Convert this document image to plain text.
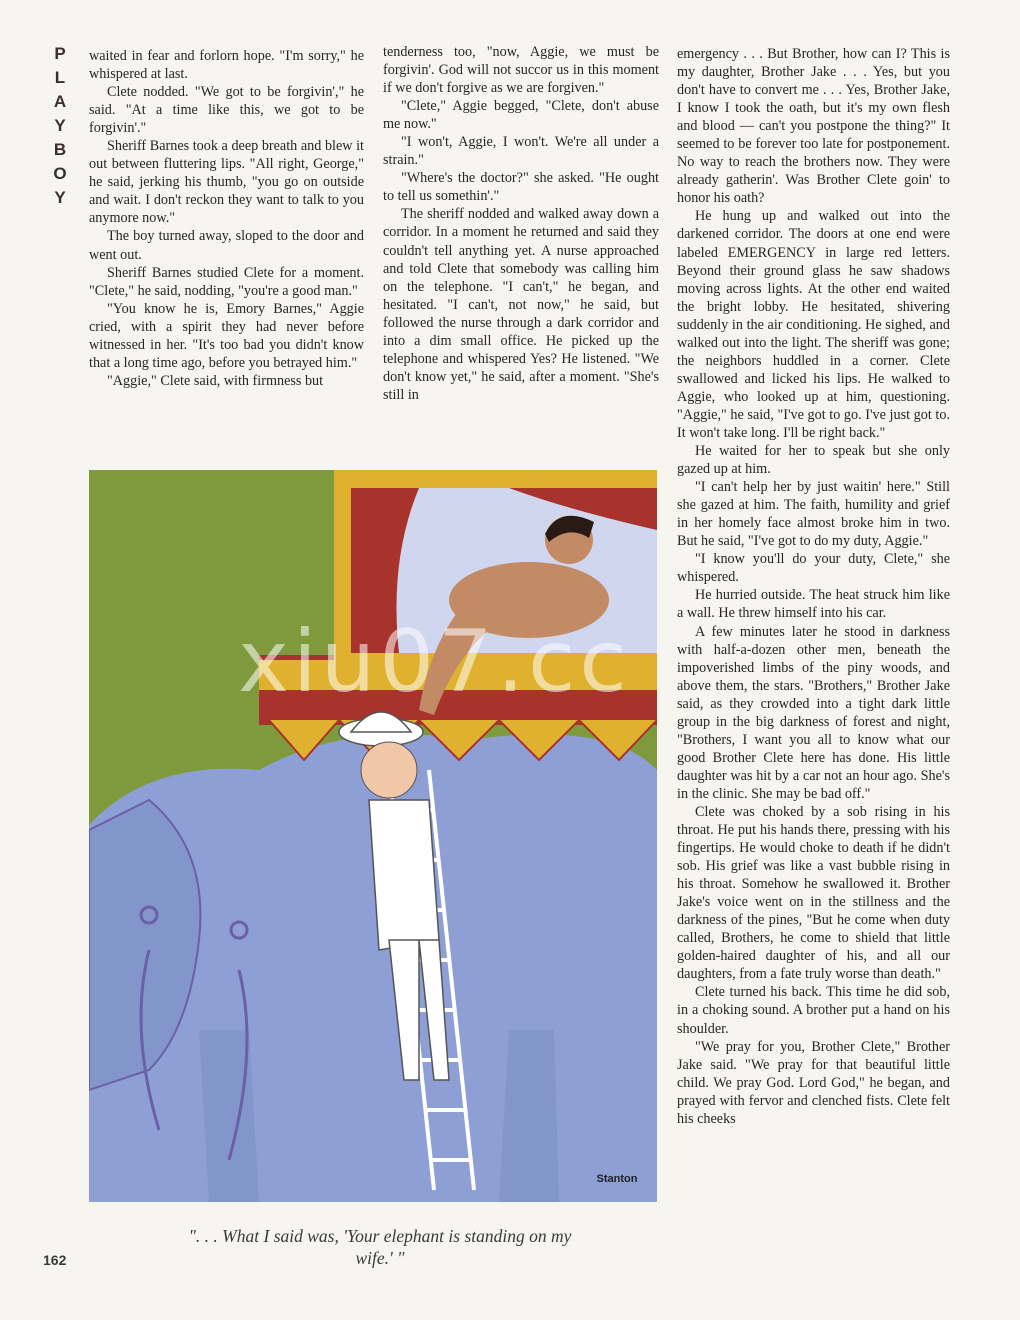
P
L
A
Y
B
O
Y

waited in fear and forlorn hope. "I'm sorry," he whispered at last.

Clete nodded. "We got to be forgivin'," he said. "At a time like this, we got to be forgivin'."

Sheriff Barnes took a deep breath and blew it out between fluttering lips. "All right, George," he said, jerking his thumb, "you go on outside and wait. I don't reckon they want to talk to you anymore now."

The boy turned away, sloped to the door and went out.

Sheriff Barnes studied Clete for a moment. "Clete," he said, nodding, "you're a good man."

"You know he is, Emory Barnes," Aggie cried, with a spirit they had never before witnessed in her. "It's too bad you didn't know that a long time ago, before you betrayed him."

"Aggie," Clete said, with firmness but

tenderness too, "now, Aggie, we must be forgivin'. God will not succor us in this moment if we don't forgive as we are forgiven."

"Clete," Aggie begged, "Clete, don't abuse me now."

"I won't, Aggie, I won't. We're all under a strain."

"Where's the doctor?" she asked. "He ought to tell us somethin'."

The sheriff nodded and walked away down a corridor. In a moment he returned and said they couldn't tell anything yet. A nurse approached and told Clete that somebody was calling him on the telephone. "I can't," he began, and hesitated. "I can't, not now," he said, but followed the nurse through a dark corridor and into a dim small office. He picked up the telephone and whispered Yes? He listened. "We don't know yet," he said, after a moment. "She's still in

emergency . . . But Brother, how can I? This is my daughter, Brother Jake . . . Yes, but you don't have to convert me . . . Yes, Brother Jake, I know I took the oath, but it's my own flesh and blood — can't you postpone the thing?" It seemed to be forever too late for postponement. No way to reach the brothers now. They were already gatherin'. Was Brother Clete goin' to honor his oath?

He hung up and walked out into the darkened corridor. The doors at one end were labeled EMERGENCY in large red letters. Beyond their ground glass he saw shadows moving across lights. At the other end waited the bright lobby. He hesitated, shivering suddenly in the air conditioning. He sighed, and walked out into the light. The sheriff was gone; the neighbors huddled in a corner. Clete swallowed and licked his lips. He walked to Aggie, who looked up at him, questioning. "Aggie," he said, "I've got to go. I've just got to. It won't take long. I'll be right back."

He waited for her to speak but she only gazed up at him.

"I can't help her by just waitin' here." Still she gazed at him. The faith, humility and grief in her homely face almost broke him in two. But he said, "I've got to do my duty, Aggie."

"I know you'll do your duty, Clete," she whispered.

He hurried outside. The heat struck him like a wall. He threw himself into his car.

A few minutes later he stood in darkness with half-a-dozen other men, beneath the impoverished limbs of the piny woods, and above them, the stars. "Brothers," Brother Jake said, as they crowded into a tight dark little group in the big darkness of forest and night, "Brothers, I want you all to know what our good Brother Clete here has done. His little daughter was hit by a car not an hour ago. She's in the clinic. She may be bad off."

Clete was choked by a sob rising in his throat. He put his hands there, pressing with his fingertips. He would choke to death if he didn't sob. His grief was like a vast bubble rising in his throat. Somehow he swallowed it. Brother Jake's voice went on in the stillness and the darkness of the pines, "But he come when duty called, Brothers, he come to shield that little golden-haired daughter of his, and all our daughters, from a fate truly worse than death."

Clete turned his back. This time he did sob, in a choking sound. A brother put a hand on his shoulder.

"We pray for you, Brother Clete," Brother Jake said. "We pray for that beautiful little child. We pray God. Lord God," he began, and prayed with fervor and clenched fists. Clete felt his cheeks

Stanton
xiu07.cc
". . . What I said was, 'Your elephant is standing on my wife.' "
162
